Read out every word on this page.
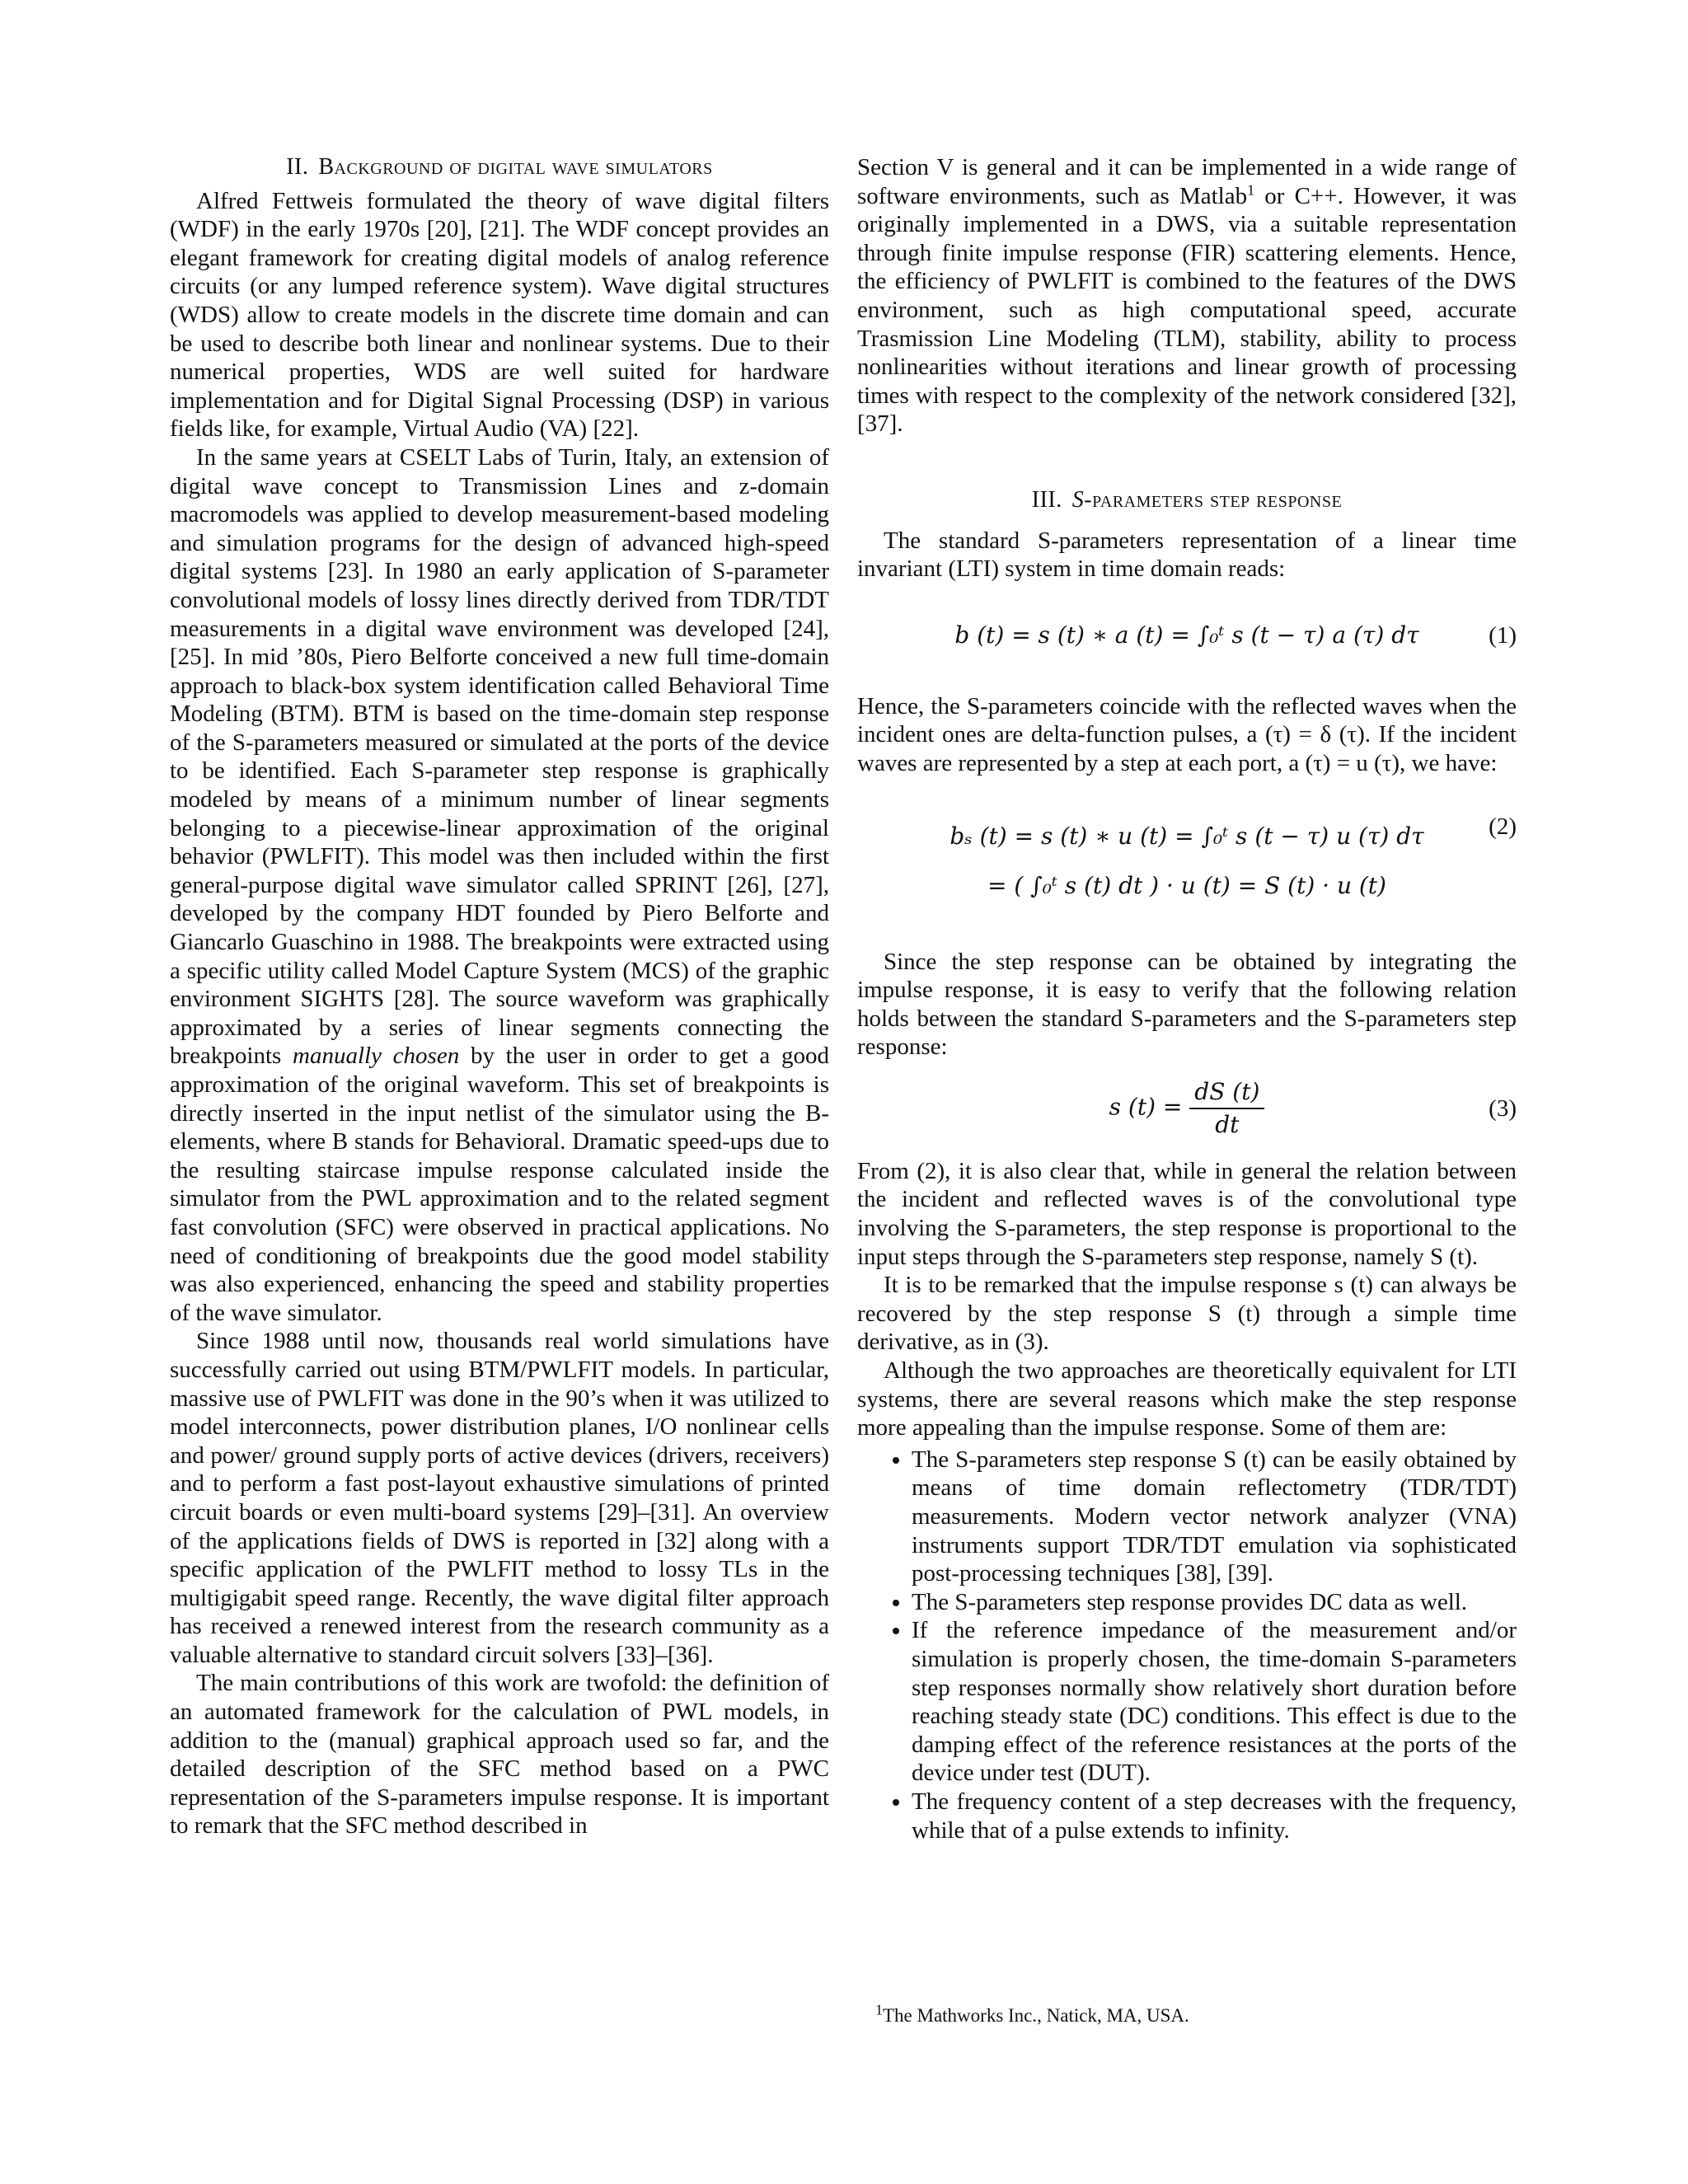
II. Background of digital wave simulators

Alfred Fettweis formulated the theory of wave digital filters (WDF) in the early 1970s [20], [21]. The WDF concept provides an elegant framework for creating digital models of analog reference circuits (or any lumped reference system). Wave digital structures (WDS) allow to create models in the discrete time domain and can be used to describe both linear and nonlinear systems. Due to their numerical properties, WDS are well suited for hardware implementation and for Digital Signal Processing (DSP) in various fields like, for example, Virtual Audio (VA) [22].

In the same years at CSELT Labs of Turin, Italy, an extension of digital wave concept to Transmission Lines and z-domain macromodels was applied to develop measurement-based modeling and simulation programs for the design of advanced high-speed digital systems [23]. In 1980 an early application of S-parameter convolutional models of lossy lines directly derived from TDR/TDT measurements in a digital wave environment was developed [24], [25]. In mid ’80s, Piero Belforte conceived a new full time-domain approach to black-box system identification called Behavioral Time Modeling (BTM). BTM is based on the time-domain step response of the S-parameters measured or simulated at the ports of the device to be identified. Each S-parameter step response is graphically modeled by means of a minimum number of linear segments belonging to a piecewise-linear approximation of the original behavior (PWLFIT). This model was then included within the first general-purpose digital wave simulator called SPRINT [26], [27], developed by the company HDT founded by Piero Belforte and Giancarlo Guaschino in 1988. The breakpoints were extracted using a specific utility called Model Capture System (MCS) of the graphic environment SIGHTS [28]. The source waveform was graphically approximated by a series of linear segments connecting the breakpoints manually chosen by the user in order to get a good approximation of the original waveform. This set of breakpoints is directly inserted in the input netlist of the simulator using the B-elements, where B stands for Behavioral. Dramatic speed-ups due to the resulting staircase impulse response calculated inside the simulator from the PWL approximation and to the related segment fast convolution (SFC) were observed in practical applications. No need of conditioning of breakpoints due the good model stability was also experienced, enhancing the speed and stability properties of the wave simulator.

Since 1988 until now, thousands real world simulations have successfully carried out using BTM/PWLFIT models. In particular, massive use of PWLFIT was done in the 90’s when it was utilized to model interconnects, power distribution planes, I/O nonlinear cells and power/ ground supply ports of active devices (drivers, receivers) and to perform a fast post-layout exhaustive simulations of printed circuit boards or even multi-board systems [29]–[31]. An overview of the applications fields of DWS is reported in [32] along with a specific application of the PWLFIT method to lossy TLs in the multigigabit speed range. Recently, the wave digital filter approach has received a renewed interest from the research community as a valuable alternative to standard circuit solvers [33]–[36].

The main contributions of this work are twofold: the definition of an automated framework for the calculation of PWL models, in addition to the (manual) graphical approach used so far, and the detailed description of the SFC method based on a PWC representation of the S-parameters impulse response. It is important to remark that the SFC method described in

Section V is general and it can be implemented in a wide range of software environments, such as Matlab$^1$ or C++. However, it was originally implemented in a DWS, via a suitable representation through finite impulse response (FIR) scattering elements. Hence, the efficiency of PWLFIT is combined to the features of the DWS environment, such as high computational speed, accurate Trasmission Line Modeling (TLM), stability, ability to process nonlinearities without iterations and linear growth of processing times with respect to the complexity of the network considered [32], [37].

III. S-parameters step response

The standard S-parameters representation of a linear time invariant (LTI) system in time domain reads:

b (t) = s (t) ∗ a (t) = ∫₀ᵗ s (t − τ) a (τ) dτ	(1)

Hence, the S-parameters coincide with the reflected waves when the incident ones are delta-function pulses, a (τ) = δ (τ). If the incident waves are represented by a step at each port, a (τ) = u (τ), we have:

bₛ (t) = s (t) ∗ u (t) = ∫₀ᵗ s (t − τ) u (τ) dτ
= ( ∫₀ᵗ s (t) dt ) · u (t) = S (t) · u (t)
(2)

Since the step response can be obtained by integrating the impulse response, it is easy to verify that the following relation holds between the standard S-parameters and the S-parameters step response:

s $(t) = \frac{dS (t)}{dt}$	(3)

From (2), it is also clear that, while in general the relation between the incident and reflected waves is of the convolutional type involving the S-parameters, the step response is proportional to the input steps through the S-parameters step response, namely S (t).

It is to be remarked that the impulse response s (t) can always be recovered by the step response S (t) through a simple time derivative, as in (3).

Although the two approaches are theoretically equivalent for LTI systems, there are several reasons which make the step response more appealing than the impulse response. Some of them are:

• The S-parameters step response S (t) can be easily obtained by means of time domain reflectometry (TDR/TDT) measurements. Modern vector network analyzer (VNA) instruments support TDR/TDT emulation via sophisticated post-processing techniques [38], [39].
• The S-parameters step response provides DC data as well.
• If the reference impedance of the measurement and/or simulation is properly chosen, the time-domain S-parameters step responses normally show relatively short duration before reaching steady state (DC) conditions. This effect is due to the damping effect of the reference resistances at the ports of the device under test (DUT).
• The frequency content of a step decreases with the frequency, while that of a pulse extends to infinity.
$^1$The Mathworks Inc., Natick, MA, USA.
